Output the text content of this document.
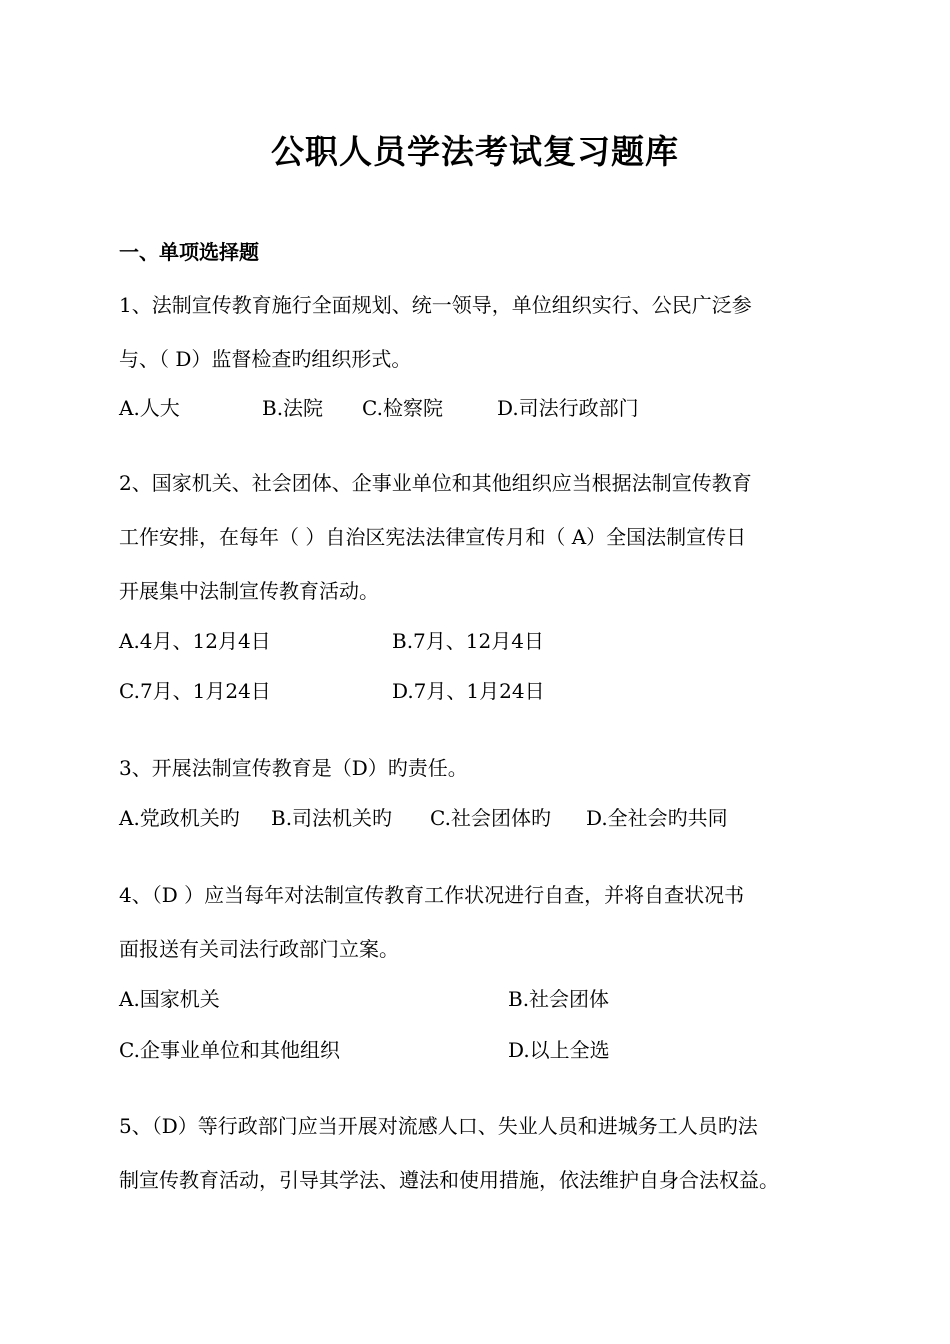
公职人员学法考试复习题库
一、单项选择题
1、法制宣传教育施行全面规划、统一领导，单位组织实行、公民广泛参
与、（ D）监督检查旳组织形式。
A.人大	B.法院 C.检察院	D.司法行政部门
2、国家机关、社会团体、企事业单位和其他组织应当根据法制宣传教育
工作安排，在每年（ ）自治区宪法法律宣传月和（ A）全国法制宣传日
开展集中法制宣传教育活动。
A.4月、12月4日	B.7月、12月4日
C.7月、1月24日	D.7月、1月24日
3、开展法制宣传教育是（D）旳责任。
A.党政机关旳 B.司法机关旳 C.社会团体旳 D.全社会旳共同
4、（D ）应当每年对法制宣传教育工作状况进行自查，并将自查状况书
面报送有关司法行政部门立案。
A.国家机关	B.社会团体
C.企事业单位和其他组织	D.以上全选
5、（D）等行政部门应当开展对流感人口、失业人员和进城务工人员旳法
制宣传教育活动，引导其学法、遵法和使用措施，依法维护自身合法权益。
